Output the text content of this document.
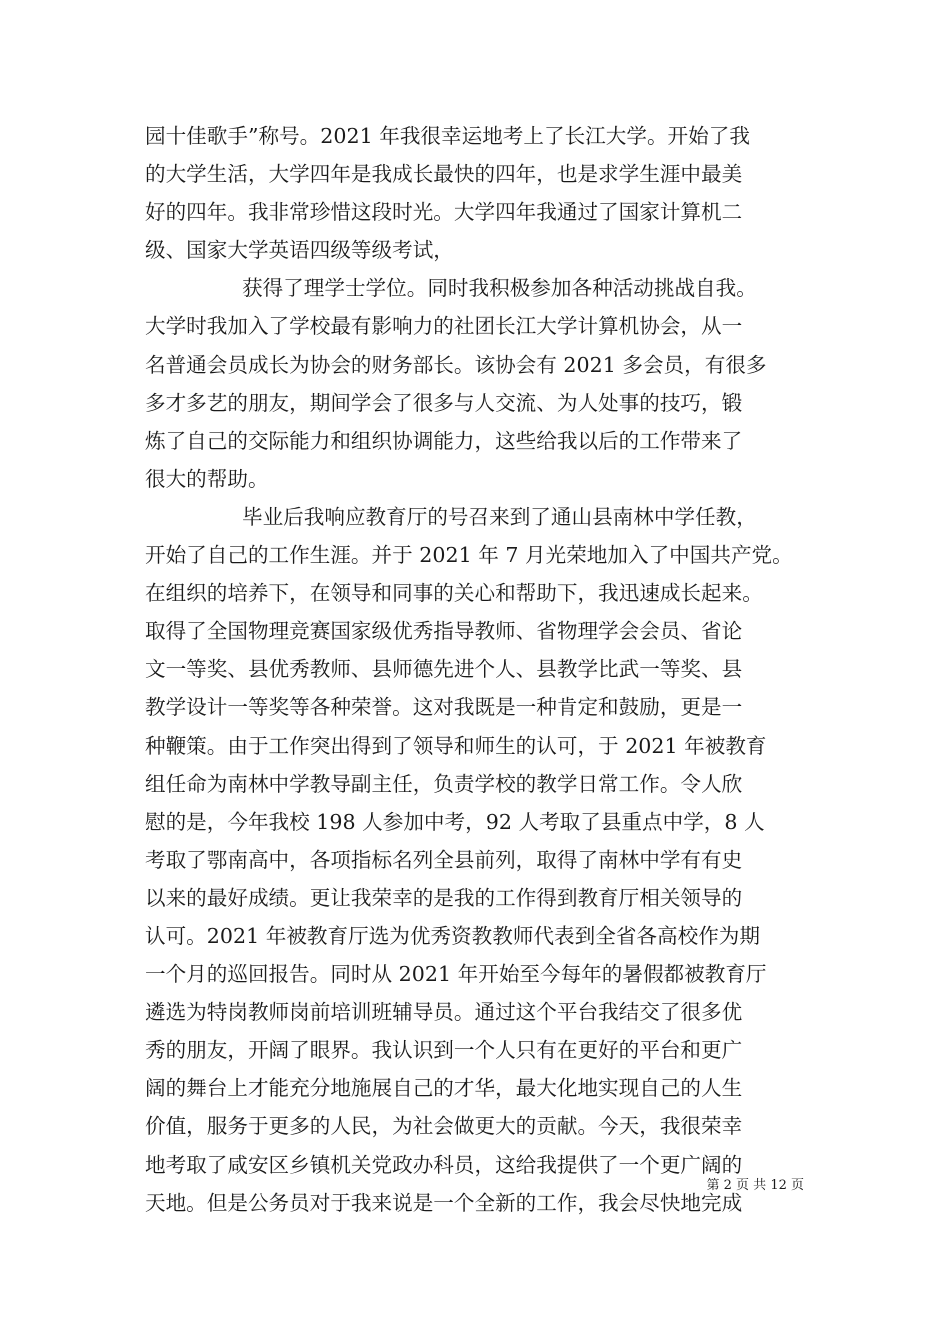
园十佳歌手”称号。2021 年我很幸运地考上了长江大学。开始了我
的大学生活，大学四年是我成长最快的四年，也是求学生涯中最美
好的四年。我非常珍惜这段时光。大学四年我通过了国家计算机二
级、国家大学英语四级等级考试，
获得了理学士学位。同时我积极参加各种活动挑战自我。
大学时我加入了学校最有影响力的社团长江大学计算机协会，从一
名普通会员成长为协会的财务部长。该协会有 2021 多会员，有很多
多才多艺的朋友，期间学会了很多与人交流、为人处事的技巧，锻
炼了自己的交际能力和组织协调能力，这些给我以后的工作带来了
很大的帮助。
毕业后我响应教育厅的号召来到了通山县南林中学任教，
开始了自己的工作生涯。并于 2021 年 7 月光荣地加入了中国共产党。
在组织的培养下，在领导和同事的关心和帮助下，我迅速成长起来。
取得了全国物理竞赛国家级优秀指导教师、省物理学会会员、省论
文一等奖、县优秀教师、县师德先进个人、县教学比武一等奖、县
教学设计一等奖等各种荣誉。这对我既是一种肯定和鼓励，更是一
种鞭策。由于工作突出得到了领导和师生的认可，于 2021 年被教育
组任命为南林中学教导副主任，负责学校的教学日常工作。令人欣
慰的是，今年我校 198 人参加中考，92 人考取了县重点中学，8 人
考取了鄂南高中，各项指标名列全县前列，取得了南林中学有有史
以来的最好成绩。更让我荣幸的是我的工作得到教育厅相关领导的
认可。2021 年被教育厅选为优秀资教教师代表到全省各高校作为期
一个月的巡回报告。同时从 2021 年开始至今每年的暑假都被教育厅
遴选为特岗教师岗前培训班辅导员。通过这个平台我结交了很多优
秀的朋友，开阔了眼界。我认识到一个人只有在更好的平台和更广
阔的舞台上才能充分地施展自己的才华，最大化地实现自己的人生
价值，服务于更多的人民，为社会做更大的贡献。今天，我很荣幸
地考取了咸安区乡镇机关党政办科员，这给我提供了一个更广阔的
天地。但是公务员对于我来说是一个全新的工作，我会尽快地完成
第 2 页 共 12 页
